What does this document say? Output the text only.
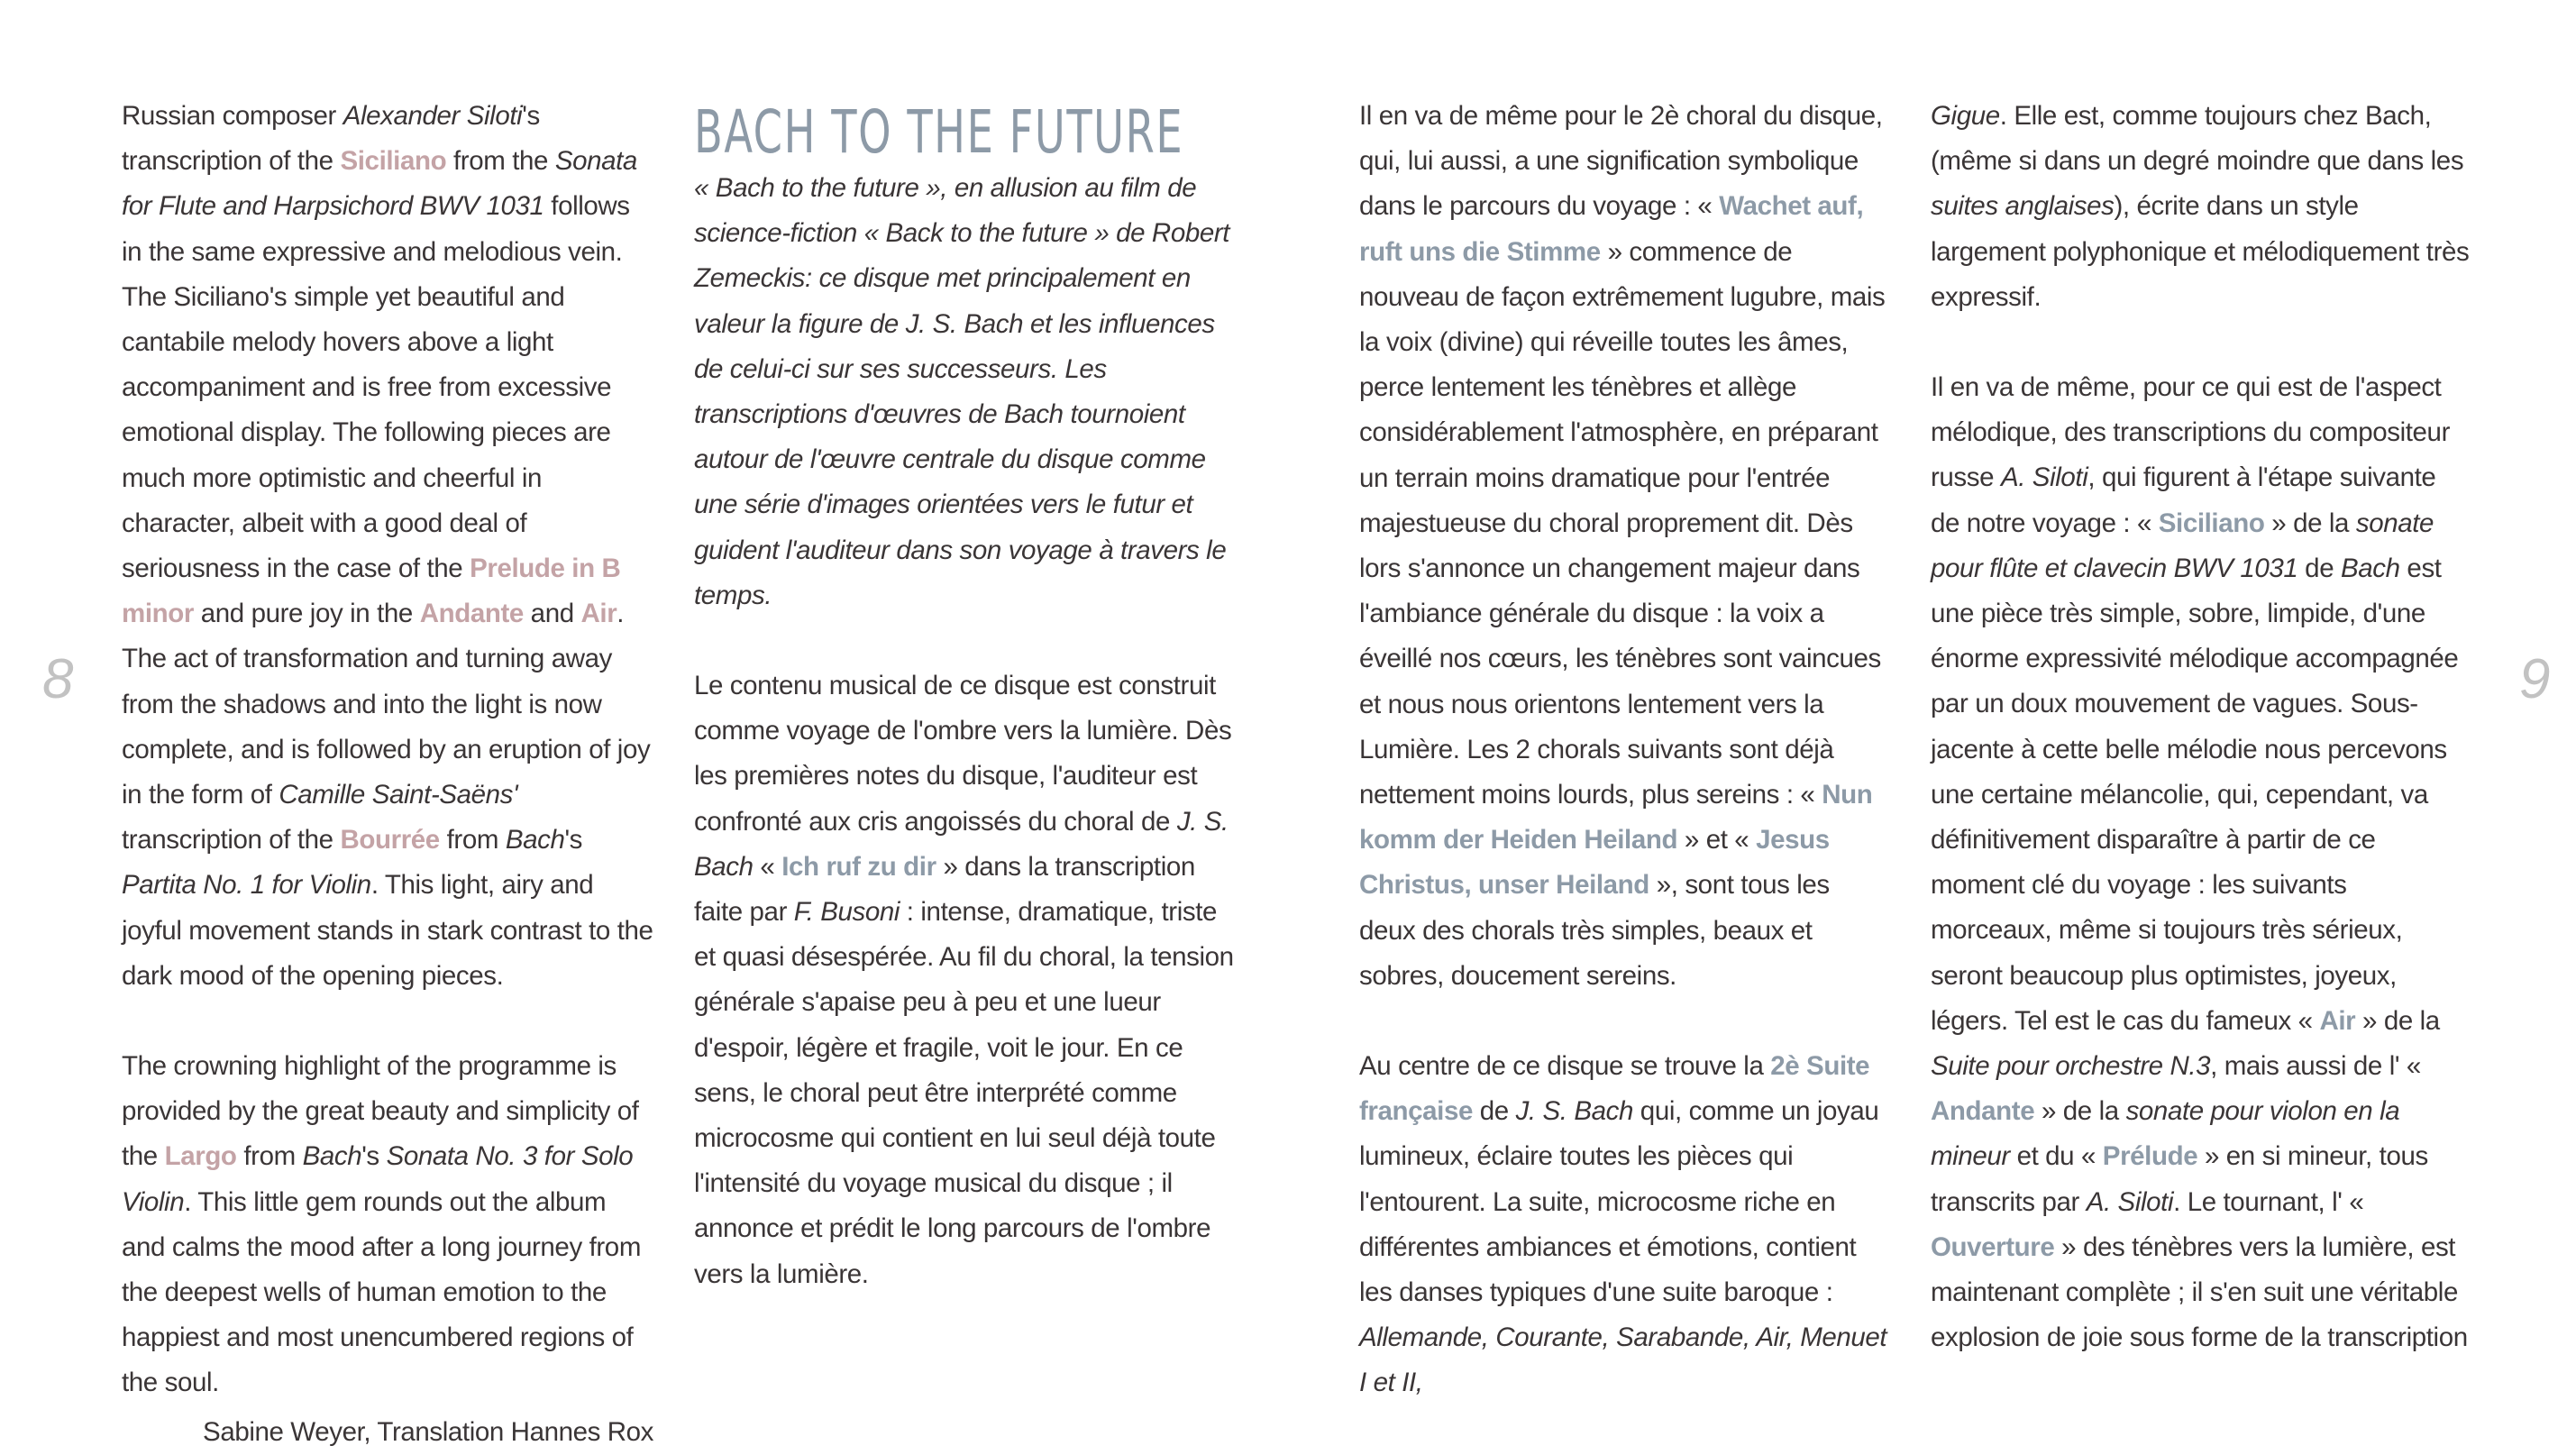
8	9

Russian composer Alexander Siloti's transcription of the Siciliano from the Sonata for Flute and Harpsichord BWV 1031 follows in the same expressive and melodious vein. The Siciliano's simple yet beautiful and cantabile melody hovers above a light accompaniment and is free from excessive emotional display. The following pieces are much more optimistic and cheerful in character, albeit with a good deal of seriousness in the case of the Prelude in B minor and pure joy in the Andante and Air. The act of transformation and turning away from the shadows and into the light is now complete, and is followed by an eruption of joy in the form of Camille Saint-Saëns' transcription of the Bourrée from Bach's Partita No. 1 for Violin. This light, airy and joyful movement stands in stark contrast to the dark mood of the opening pieces.

The crowning highlight of the programme is provided by the great beauty and simplicity of the Largo from Bach's Sonata No. 3 for Solo Violin. This little gem rounds out the album and calms the mood after a long journey from the deepest wells of human emotion to the happiest and most unencumbered regions of the soul.

Sabine Weyer, Translation Hannes Rox

BACH TO THE FUTURE

« Bach to the future », en allusion au film de science-fiction « Back to the future » de Robert Zemeckis: ce disque met principalement en valeur la figure de J. S. Bach et les influences de celui-ci sur ses successeurs. Les transcriptions d'œuvres de Bach tournoient autour de l'œuvre centrale du disque comme une série d'images orientées vers le futur et guident l'auditeur dans son voyage à travers le temps.

Le contenu musical de ce disque est construit comme voyage de l'ombre vers la lumière. Dès les premières notes du disque, l'auditeur est confronté aux cris angoissés du choral de J. S. Bach « Ich ruf zu dir » dans la transcription faite par F. Busoni : intense, dramatique, triste et quasi désespérée. Au fil du choral, la tension générale s'apaise peu à peu et une lueur d'espoir, légère et fragile, voit le jour. En ce sens, le choral peut être interprété comme microcosme qui contient en lui seul déjà toute l'intensité du voyage musical du disque ; il annonce et prédit le long parcours de l'ombre vers la lumière.

Il en va de même pour le 2è choral du disque, qui, lui aussi, a une signification symbolique dans le parcours du voyage : « Wachet auf, ruft uns die Stimme » commence de nouveau de façon extrêmement lugubre, mais la voix (divine) qui réveille toutes les âmes, perce lentement les ténèbres et allège considérablement l'atmosphère, en préparant un terrain moins dramatique pour l'entrée majestueuse du choral proprement dit. Dès lors s'annonce un changement majeur dans l'ambiance générale du disque : la voix a éveillé nos cœurs, les ténèbres sont vaincues et nous nous orientons lentement vers la Lumière. Les 2 chorals suivants sont déjà nettement moins lourds, plus sereins : « Nun komm der Heiden Heiland » et « Jesus Christus, unser Heiland », sont tous les deux des chorals très simples, beaux et sobres, doucement sereins.

Au centre de ce disque se trouve la 2è Suite française de J. S. Bach qui, comme un joyau lumineux, éclaire toutes les pièces qui l'entourent. La suite, microcosme riche en différentes ambiances et émotions, contient les danses typiques d'une suite baroque : Allemande, Courante, Sarabande, Air, Menuet I et II,

Gigue. Elle est, comme toujours chez Bach, (même si dans un degré moindre que dans les suites anglaises), écrite dans un style largement polyphonique et mélodiquement très expressif.

Il en va de même, pour ce qui est de l'aspect mélodique, des transcriptions du compositeur russe A. Siloti, qui figurent à l'étape suivante de notre voyage : « Siciliano » de la sonate pour flûte et clavecin BWV 1031 de Bach est une pièce très simple, sobre, limpide, d'une énorme expressivité mélodique accompagnée par un doux mouvement de vagues. Sous-jacente à cette belle mélodie nous percevons une certaine mélancolie, qui, cependant, va définitivement disparaître à partir de ce moment clé du voyage : les suivants morceaux, même si toujours très sérieux, seront beaucoup plus optimistes, joyeux, légers. Tel est le cas du fameux « Air » de la Suite pour orchestre N.3, mais aussi de l' « Andante » de la sonate pour violon en la mineur et du « Prélude » en si mineur, tous transcrits par A. Siloti. Le tournant, l' « Ouverture » des ténèbres vers la lumière, est maintenant complète ; il s'en suit une véritable explosion de joie sous forme de la transcription
